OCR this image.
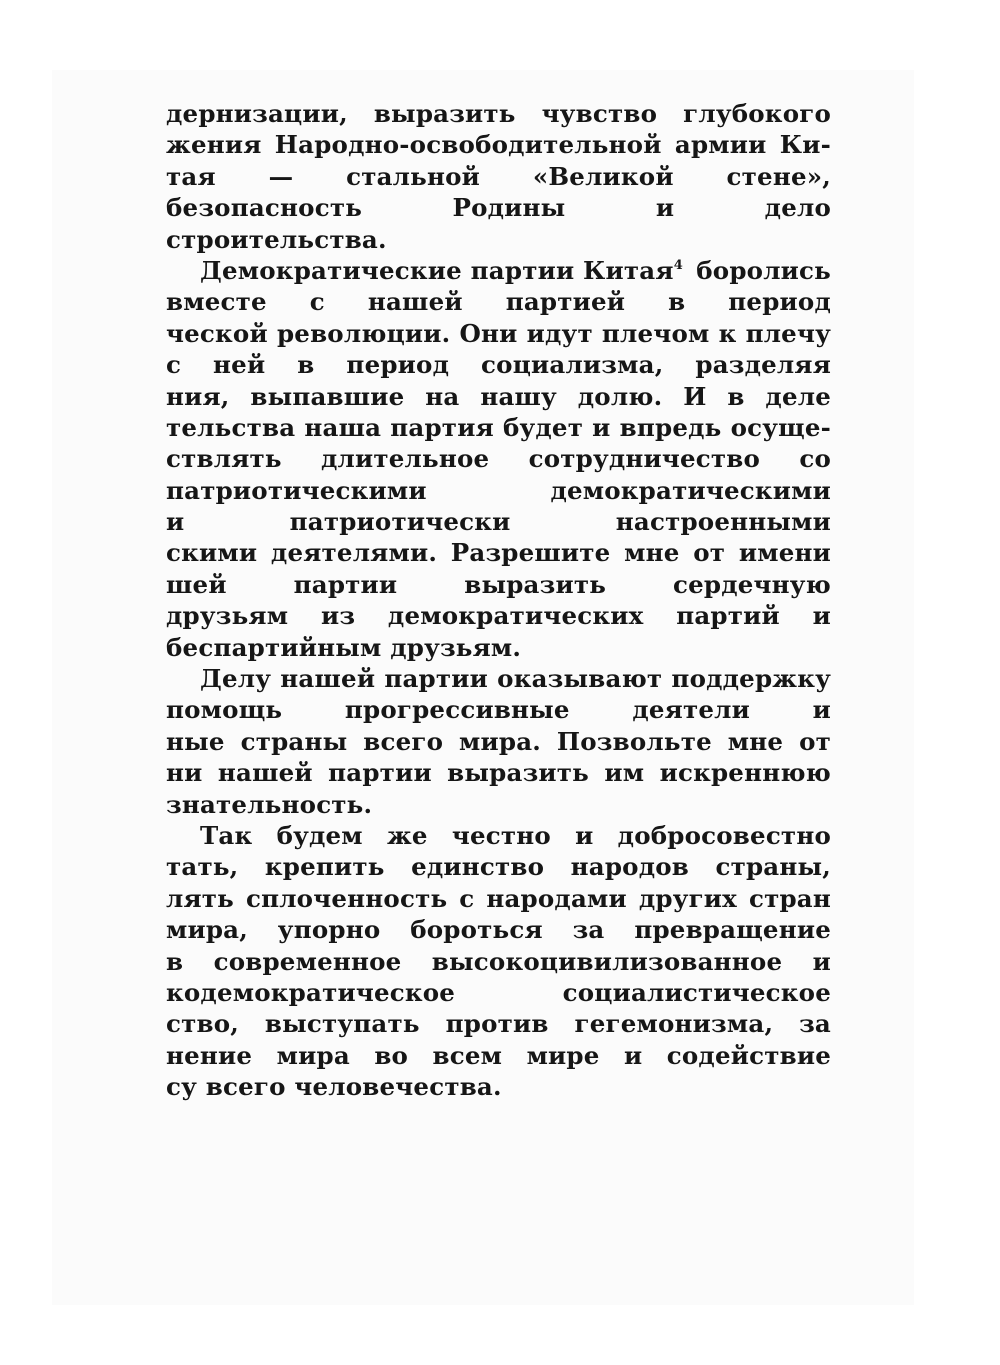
дернизации, выразить чувство глубокого
жения Народно-освободительной армии Ки-
тая — стальной «Великой стене»,
безопасность Родины и дело
строительства.
Демократические партии Китая$^4$ боролись
вместе с нашей партией в период
ческой революции. Они идут плечом к плечу
с ней в период социализма, разделяя
ния, выпавшие на нашу долю. И в деле
тельства наша партия будет и впредь осуще-
ствлять длительное сотрудничество со
патриотическими демократическими
и патриотически настроенными
скими деятелями. Разрешите мне от имени
шей партии выразить сердечную
друзьям из демократических партий и
беспартийным друзьям.
Делу нашей партии оказывают поддержку
помощь прогрессивные деятели и
ные страны всего мира. Позвольте мне от
ни нашей партии выразить им искреннюю
знательность.
Так будем же честно и добросовестно
тать, крепить единство народов страны,
лять сплоченность с народами других стран
мира, упорно бороться за превращение
в современное высокоцивилизованное и
кодемократическое социалистическое
ство, выступать против гегемонизма, за
нение мира во всем мире и содействие
су всего человечества.
